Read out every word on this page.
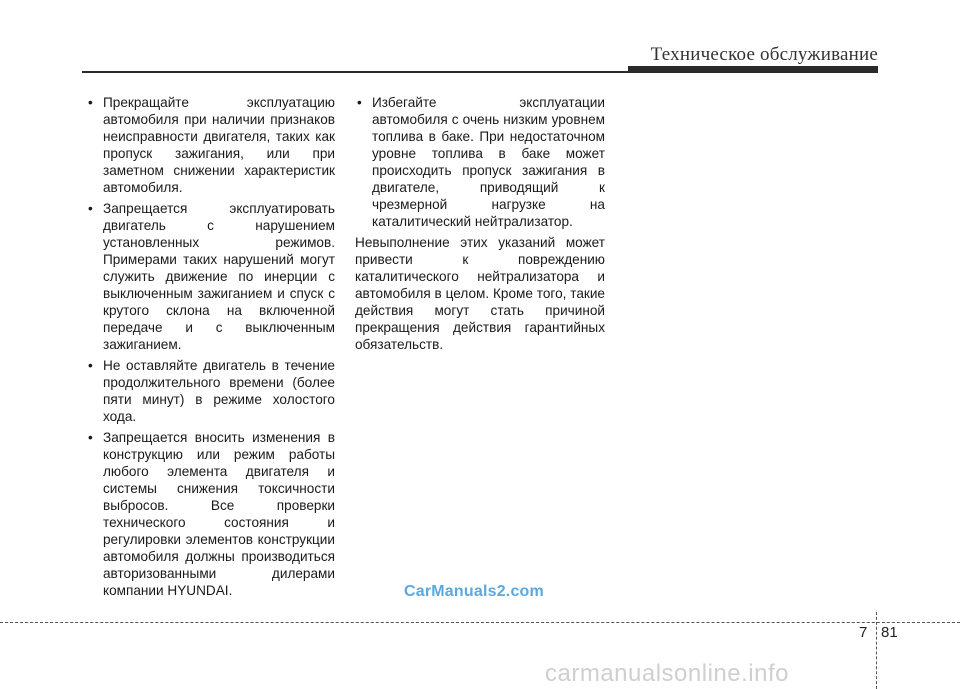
Техническое обслуживание
• Прекращайте эксплуатацию автомобиля при наличии признаков неисправности двигателя, таких как пропуск зажигания, или при заметном снижении характеристик автомобиля.
• Запрещается эксплуатировать двигатель с нарушением установленных режимов. Примерами таких нарушений могут служить движение по инерции с выключенным зажиганием и спуск с крутого склона на включенной передаче и с выключенным зажиганием.
• Не оставляйте двигатель в течение продолжительного времени (более пяти минут) в режиме холостого хода.
• Запрещается вносить изменения в конструкцию или режим работы любого элемента двигателя и системы снижения токсичности выбросов. Все проверки технического состояния и регулировки элементов конструкции автомобиля должны производиться авторизованными дилерами компании HYUNDAI.
• Избегайте эксплуатации автомобиля с очень низким уровнем топлива в баке. При недостаточном уровне топлива в баке может происходить пропуск зажигания в двигателе, приводящий к чрезмерной нагрузке на каталитический нейтрализатор.

Невыполнение этих указаний может привести к повреждению каталитического нейтрализатора и автомобиля в целом. Кроме того, такие действия могут стать причиной прекращения действия гарантийных обязательств.

CarManuals2.com
7 81
carmanualsonline.info
